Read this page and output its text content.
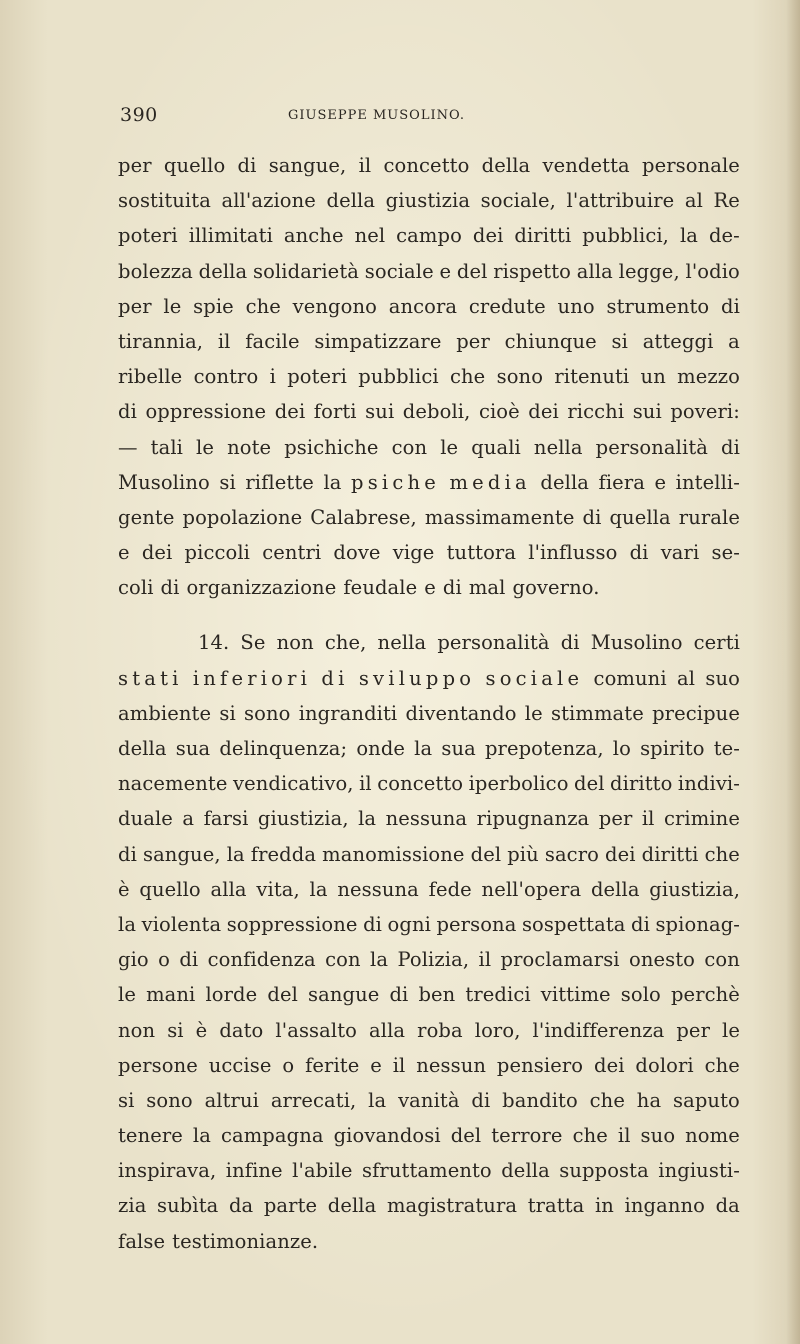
390	GIUSEPPE MUSOLINO.
per quello di sangue, il concetto della vendetta personale
sostituita all'azione della giustizia sociale, l'attribuire al Re
poteri illimitati anche nel campo dei diritti pubblici, la de-
bolezza della solidarietà sociale e del rispetto alla legge, l'odio
per le spie che vengono ancora credute uno strumento di
tirannia, il facile simpatizzare per chiunque si atteggi a
ribelle contro i poteri pubblici che sono ritenuti un mezzo
di oppressione dei forti sui deboli, cioè dei ricchi sui poveri:
— tali le note psichiche con le quali nella personalità di
Musolino si riflette la psiche media della fiera e intelli-
gente popolazione Calabrese, massimamente di quella rurale
e dei piccoli centri dove vige tuttora l'influsso di vari se-
coli di organizzazione feudale e di mal governo.
14. Se non che, nella personalità di Musolino certi
stati inferiori di sviluppo sociale comuni al suo
ambiente si sono ingranditi diventando le stimmate precipue
della sua delinquenza; onde la sua prepotenza, lo spirito te-
nacemente vendicativo, il concetto iperbolico del diritto indivi-
duale a farsi giustizia, la nessuna ripugnanza per il crimine
di sangue, la fredda manomissione del più sacro dei diritti che
è quello alla vita, la nessuna fede nell'opera della giustizia,
la violenta soppressione di ogni persona sospettata di spionag-
gio o di confidenza con la Polizia, il proclamarsi onesto con
le mani lorde del sangue di ben tredici vittime solo perchè
non si è dato l'assalto alla roba loro, l'indifferenza per le
persone uccise o ferite e il nessun pensiero dei dolori che
si sono altrui arrecati, la vanità di bandito che ha saputo
tenere la campagna giovandosi del terrore che il suo nome
inspirava, infine l'abile sfruttamento della supposta ingiusti-
zia subìta da parte della magistratura tratta in inganno da
false testimonianze.
